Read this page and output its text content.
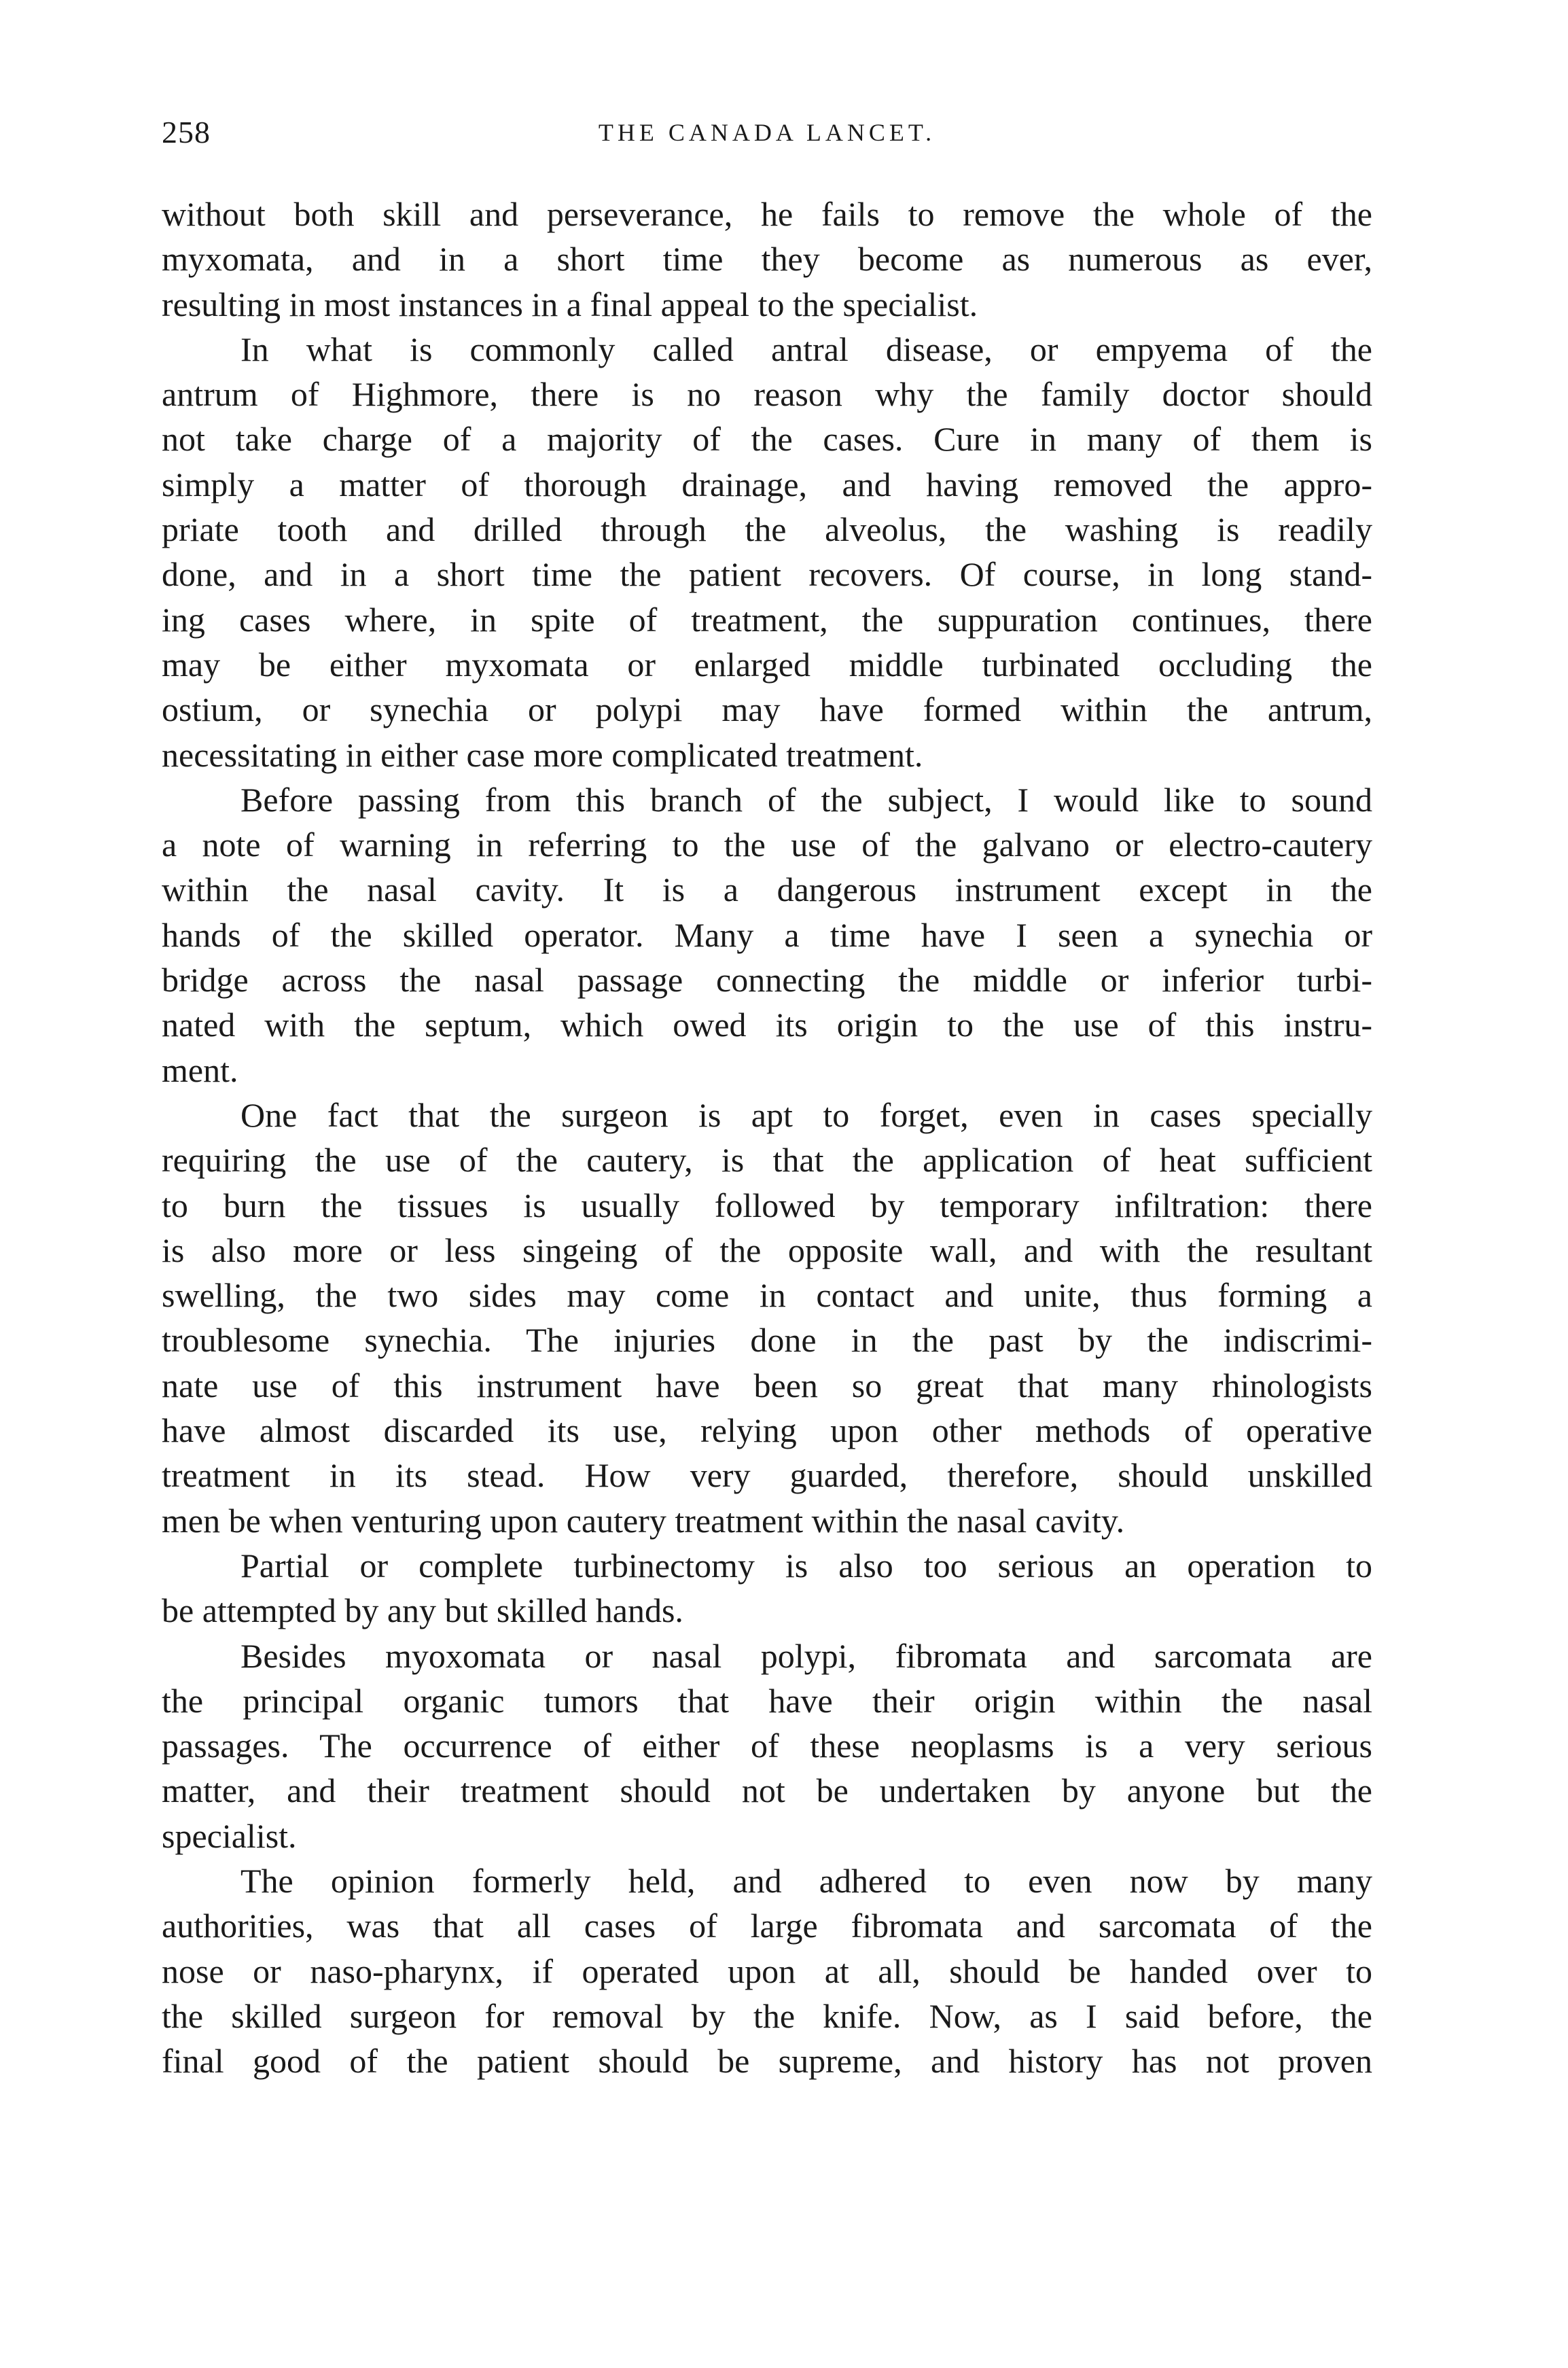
258	THE CANADA LANCET.
without both skill and perseverance, he fails to remove the whole of the
myxomata, and in a short time they become as numerous as ever,
resulting in most instances in a final appeal to the specialist.
In what is commonly called antral disease, or empyema of the
antrum of Highmore, there is no reason why the family doctor should
not take charge of a majority of the cases. Cure in many of them is
simply a matter of thorough drainage, and having removed the appro-
priate tooth and drilled through the alveolus, the washing is readily
done, and in a short time the patient recovers. Of course, in long stand-
ing cases where, in spite of treatment, the suppuration continues, there
may be either myxomata or enlarged middle turbinated occluding the
ostium, or synechia or polypi may have formed within the antrum,
necessitating in either case more complicated treatment.
Before passing from this branch of the subject, I would like to sound
a note of warning in referring to the use of the galvano or electro-cautery
within the nasal cavity. It is a dangerous instrument except in the
hands of the skilled operator. Many a time have I seen a synechia or
bridge across the nasal passage connecting the middle or inferior turbi-
nated with the septum, which owed its origin to the use of this instru-
ment.
One fact that the surgeon is apt to forget, even in cases specially
requiring the use of the cautery, is that the application of heat sufficient
to burn the tissues is usually followed by temporary infiltration: there
is also more or less singeing of the opposite wall, and with the resultant
swelling, the two sides may come in contact and unite, thus forming a
troublesome synechia. The injuries done in the past by the indiscrimi-
nate use of this instrument have been so great that many rhinologists
have almost discarded its use, relying upon other methods of operative
treatment in its stead. How very guarded, therefore, should unskilled
men be when venturing upon cautery treatment within the nasal cavity.
Partial or complete turbinectomy is also too serious an operation to
be attempted by any but skilled hands.
Besides myoxomata or nasal polypi, fibromata and sarcomata are
the principal organic tumors that have their origin within the nasal
passages. The occurrence of either of these neoplasms is a very serious
matter, and their treatment should not be undertaken by anyone but the
specialist.
The opinion formerly held, and adhered to even now by many
authorities, was that all cases of large fibromata and sarcomata of the
nose or naso-pharynx, if operated upon at all, should be handed over to
the skilled surgeon for removal by the knife. Now, as I said before, the
final good of the patient should be supreme, and history has not proven
